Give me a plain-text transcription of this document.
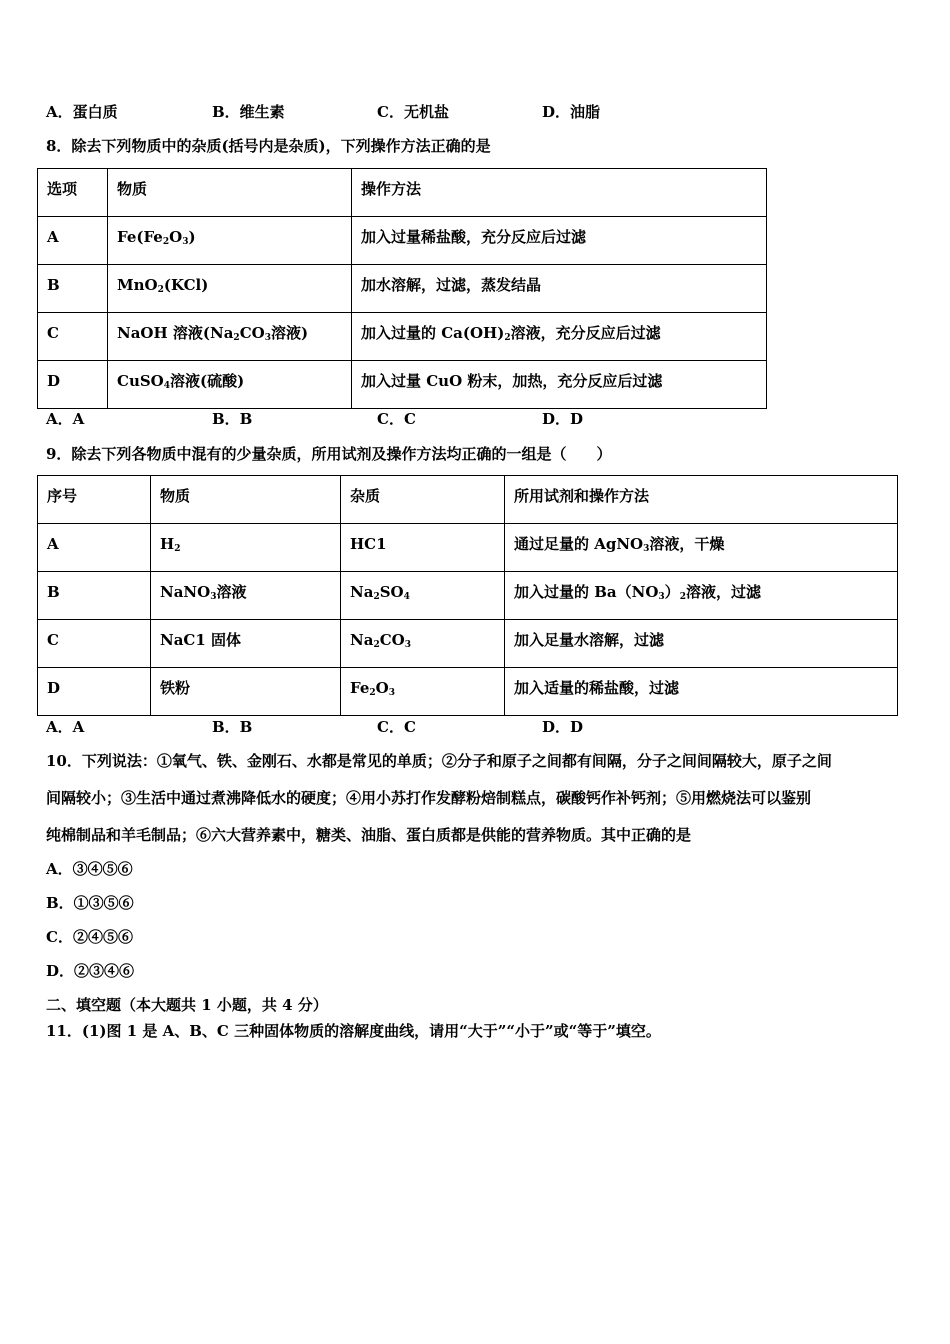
A．蛋白质	B．维生素	C．无机盐	D．油脂
8．除去下列物质中的杂质(括号内是杂质)，下列操作方法正确的是
选项	物质	操作方法
A	$Fe(Fe_2O_3)$	加入过量稀盐酸，充分反应后过滤
B	MnO$_2$(KCl)	加水溶解，过滤，蒸发结晶
C	NaOH 溶液($Na_2CO_3$溶液)	加入过量的 $Ca(OH)_2$溶液，充分反应后过滤
D	CuSO$_4$溶液(硫酸)	加入过量 CuO 粉末，加热，充分反应后过滤
A．A	B．B	C．C	D．D
9．除去下列各物质中混有的少量杂质，所用试剂及操作方法均正确的一组是（　　）
序号	物质	杂质	所用试剂和操作方法
A	$H_2$	HC1	通过足量的 AgNO$_3$溶液，干燥
B	NaNO$_3$溶液	$Na_2SO_4$	加入过量的 $Ba(NO_3)_2$溶液，过滤
C	NaC1 固体	$Na_2CO_3$	加入足量水溶解，过滤
D	铁粉	$Fe_2O_3$	加入适量的稀盐酸，过滤
A．A	B．B	C．C	D．D
10．下列说法：①氧气、铁、金刚石、水都是常见的单质；②分子和原子之间都有间隔，分子之间间隔较大，原子之间
间隔较小；③生活中通过煮沸降低水的硬度；④用小苏打作发酵粉焙制糕点，碳酸钙作补钙剂；⑤用燃烧法可以鉴别
纯棉制品和羊毛制品；⑥六大营养素中，糖类、油脂、蛋白质都是供能的营养物质。其中正确的是
A．③④⑤⑥
B．①③⑤⑥
C．②④⑤⑥
D．②③④⑥
二、填空题（本大题共 1 小题，共 4 分）
11．(1)图 1 是 A、B、C 三种固体物质的溶解度曲线，请用“大于”“小于”或“等于”填空。
